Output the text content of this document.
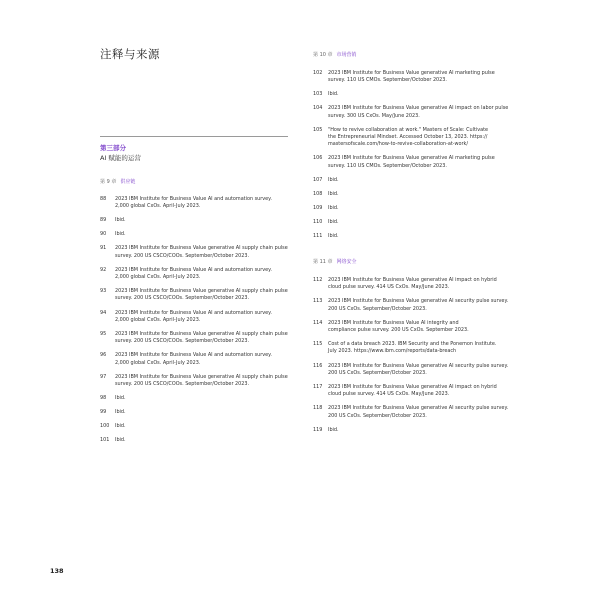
注释与来源
第三部分
AI 赋能的运营
第 9 章 供应链
88	2023 IBM Institute for Business Value AI and automation survey.
2,000 global CxOs. April-July 2023.
89	Ibid.
90	Ibid.
91	2023 IBM Institute for Business Value generative AI supply chain pulse
survey. 200 US CSCO/COOs. September/October 2023.
92	2023 IBM Institute for Business Value AI and automation survey.
2,000 global CxOs. April-July 2023.
93	2023 IBM Institute for Business Value generative AI supply chain pulse
survey. 200 US CSCO/COOs. September/October 2023.
94	2023 IBM Institute for Business Value AI and automation survey.
2,000 global CxOs. April-July 2023.
95	2023 IBM Institute for Business Value generative AI supply chain pulse
survey. 200 US CSCO/COOs. September/October 2023.
96	2023 IBM Institute for Business Value AI and automation survey.
2,000 global CxOs. April-July 2023.
97	2023 IBM Institute for Business Value generative AI supply chain pulse
survey. 200 US CSCO/COOs. September/October 2023.
98	Ibid.
99	Ibid.
100	Ibid.
101	Ibid.
第 10 章 市场营销
102	2023 IBM Institute for Business Value generative AI marketing pulse
survey. 110 US CMOs. September/October 2023.
103	Ibid.
104	2023 IBM Institute for Business Value generative AI impact on labor pulse
survey. 300 US CxOs. May/June 2023.
105	"How to revive collaboration at work." Masters of Scale: Cultivate
the Entrepreneurial Mindset. Accessed October 13, 2023. https://
mastersofscale.com/how-to-revive-collaboration-at-work/
106	2023 IBM Institute for Business Value generative AI marketing pulse
survey. 110 US CMOs. September/October 2023.
107	Ibid.
108	Ibid.
109	Ibid.
110	Ibid.
111	Ibid.
第 11 章 网络安全
112	2023 IBM Institute for Business Value generative AI impact on hybrid
cloud pulse survey. 414 US CxOs. May/June 2023.
113	2023 IBM Institute for Business Value generative AI security pulse survey.
200 US CxOs. September/October 2023.
114	2023 IBM Institute for Business Value AI integrity and
compliance pulse survey. 200 US CxOs. September 2023.
115	Cost of a data breach 2023. IBM Security and the Ponemon Institute.
July 2023. https://www.ibm.com/reports/data-breach
116	2023 IBM Institute for Business Value generative AI security pulse survey.
200 US CxOs. September/October 2023.
117	2023 IBM Institute for Business Value generative AI impact on hybrid
cloud pulse survey. 414 US CxOs. May/June 2023.
118	2023 IBM Institute for Business Value generative AI security pulse survey.
200 US CxOs. September/October 2023.
119	Ibid.
138
